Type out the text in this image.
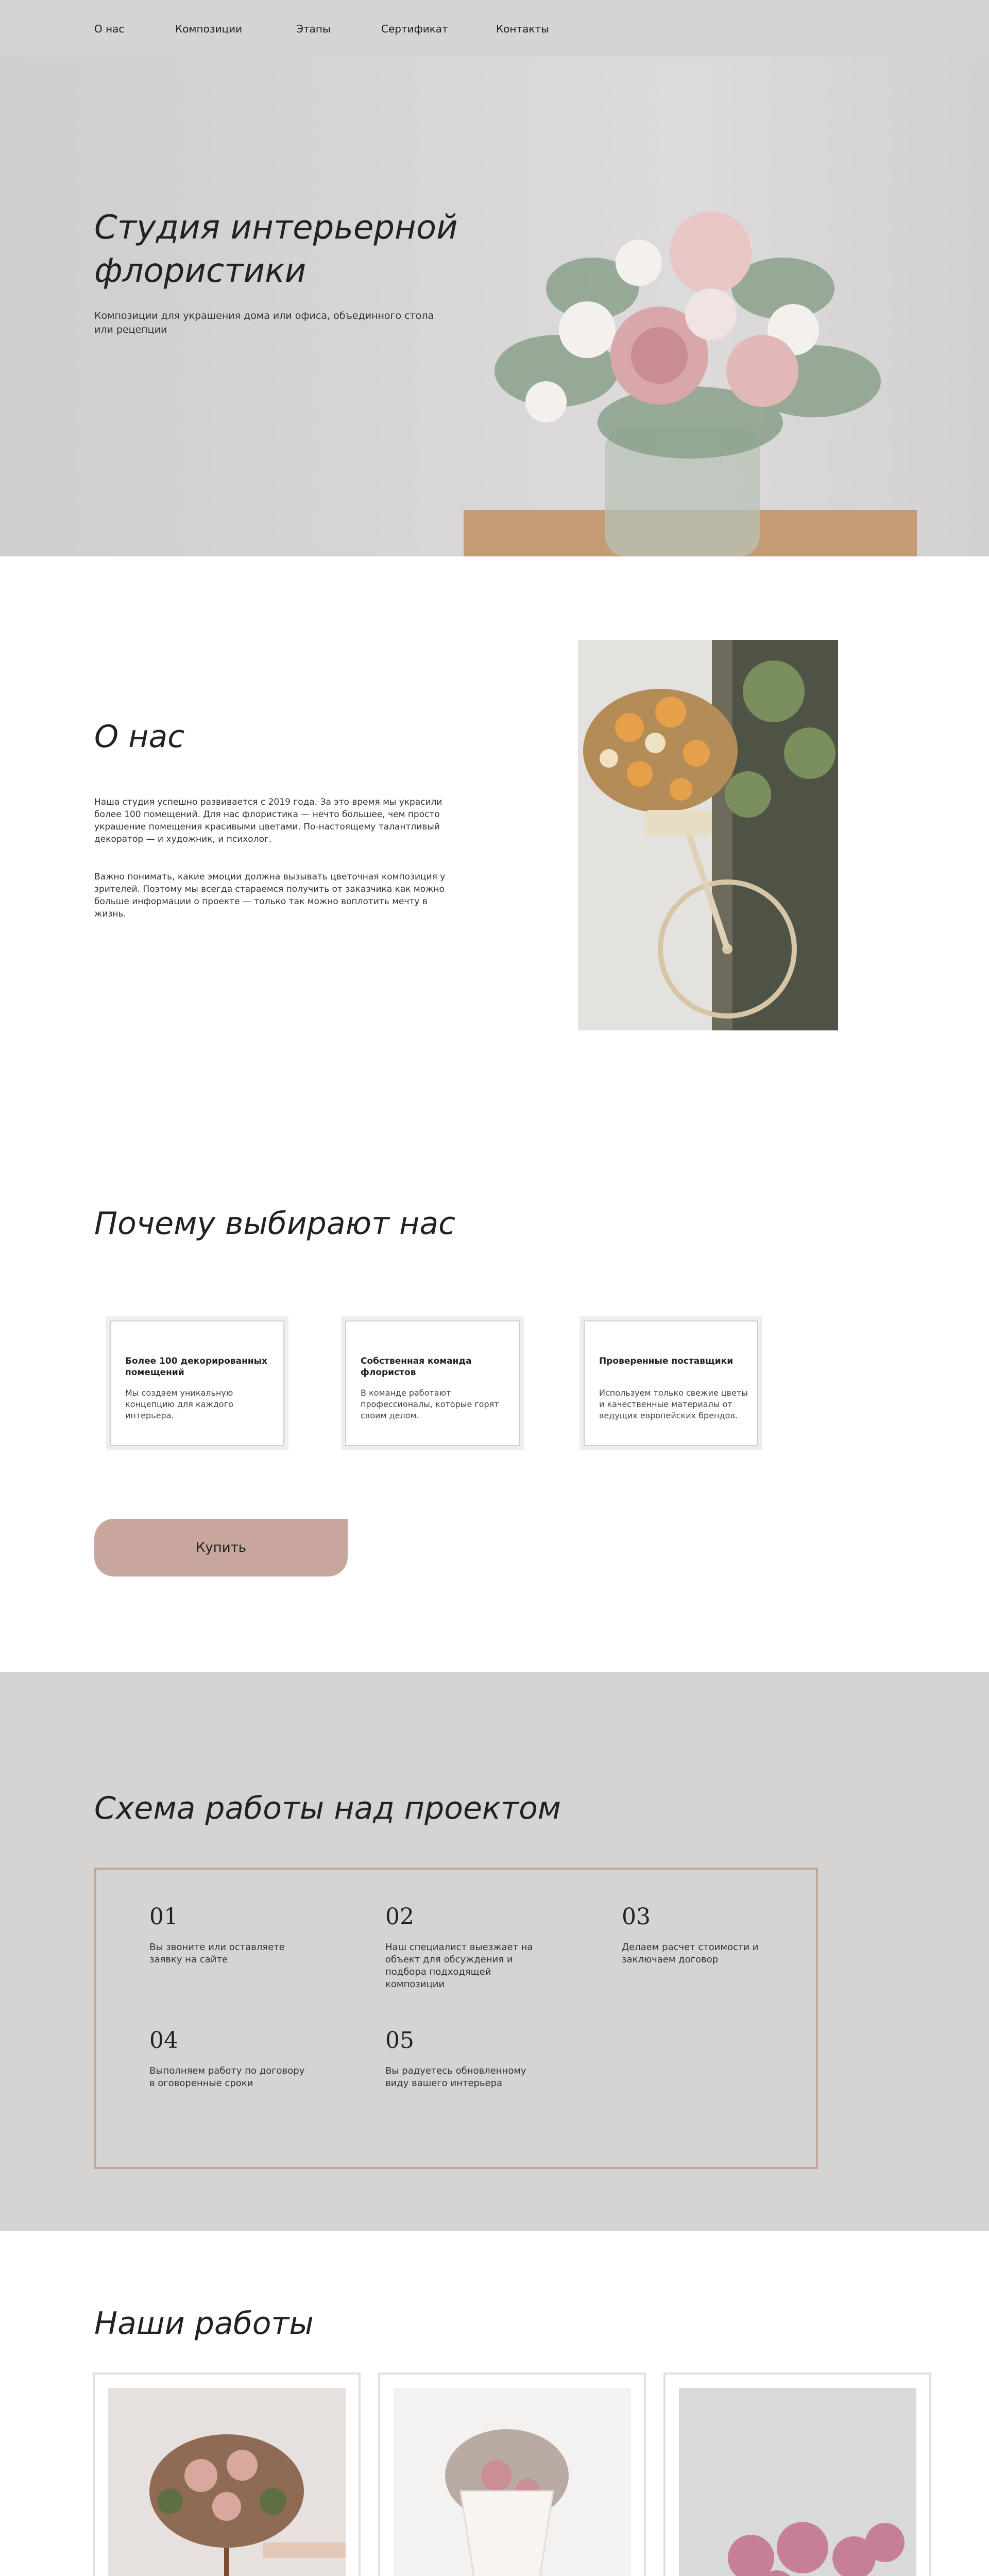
О нас	Композиции	Этапы	Сертификат	Контакты
Студия интерьерной флористики
Композиции для украшения дома или офиса, объединного стола или рецепции
О нас
Наша студия успешно развивается с 2019 года. За это время мы украсили более 100 помещений. Для нас флористика — нечто большее, чем просто украшение помещения красивыми цветами. По-настоящему талантливый декоратор — и художник, и психолог.
Важно понимать, какие эмоции должна вызывать цветочная композиция у зрителей. Поэтому мы всегда стараемся получить от заказчика как можно больше информации о проекте — только так можно воплотить мечту в жизнь.
Почему выбирают нас
Более 100 декорированных помещений
Мы создаем уникальную концепцию для каждого интерьера.
Собственная команда флористов
В команде работают профессионалы, которые горят своим делом.
Проверенные поставщики
Используем только свежие цветы и качественные материалы от ведущих европейских брендов.
Купить
Схема работы над проектом
01
Вы звоните или оставляете заявку на сайте
02
Наш специалист выезжает на объект для обсуждения и подбора подходящей композиции
03
Делаем расчет стоимости и заключаем договор
04
Выполняем работу по договору в оговоренные сроки
05
Вы радуетесь обновленному виду вашего интерьера
Наши работы
